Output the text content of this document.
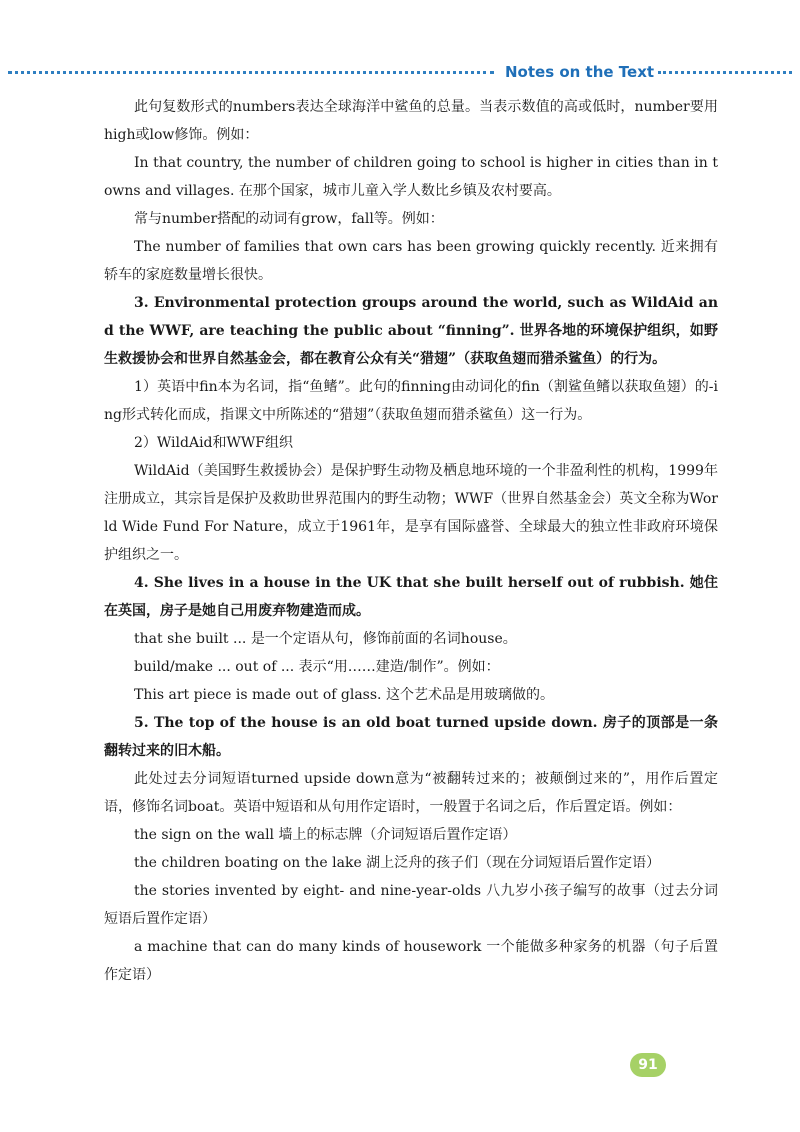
Notes on the Text

此句复数形式的numbers表达全球海洋中鲨鱼的总量。当表示数值的高或低时，number要用high或low修饰。例如：

In that country, the number of children going to school is higher in cities than in towns and villages. 在那个国家，城市儿童入学人数比乡镇及农村要高。

常与number搭配的动词有grow，fall等。例如：

The number of families that own cars has been growing quickly recently. 近来拥有轿车的家庭数量增长很快。

3. Environmental protection groups around the world, such as WildAid and the WWF, are teaching the public about “finning”. 世界各地的环境保护组织，如野生救援协会和世界自然基金会，都在教育公众有关“猎翅”（获取鱼翅而猎杀鲨鱼）的行为。

1）英语中fin本为名词，指“鱼鳍”。此句的finning由动词化的fin（割鲨鱼鳍以获取鱼翅）的-ing形式转化而成，指课文中所陈述的“猎翅”（获取鱼翅而猎杀鲨鱼）这一行为。

2）WildAid和WWF组织

WildAid（美国野生救援协会）是保护野生动物及栖息地环境的一个非盈利性的机构，1999年注册成立，其宗旨是保护及救助世界范围内的野生动物；WWF（世界自然基金会）英文全称为World Wide Fund For Nature，成立于1961年，是享有国际盛誉、全球最大的独立性非政府环境保护组织之一。

4. She lives in a house in the UK that she built herself out of rubbish. 她住在英国，房子是她自己用废弃物建造而成。

that she built ... 是一个定语从句，修饰前面的名词house。

build/make ... out of ... 表示“用……建造/制作”。例如：

This art piece is made out of glass. 这个艺术品是用玻璃做的。

5. The top of the house is an old boat turned upside down. 房子的顶部是一条翻转过来的旧木船。

此处过去分词短语turned upside down意为“被翻转过来的；被颠倒过来的”，用作后置定语，修饰名词boat。英语中短语和从句用作定语时，一般置于名词之后，作后置定语。例如：

the sign on the wall 墙上的标志牌（介词短语后置作定语）

the children boating on the lake 湖上泛舟的孩子们（现在分词短语后置作定语）

the stories invented by eight- and nine-year-olds 八九岁小孩子编写的故事（过去分词短语后置作定语）

a machine that can do many kinds of housework 一个能做多种家务的机器（句子后置作定语）

91
